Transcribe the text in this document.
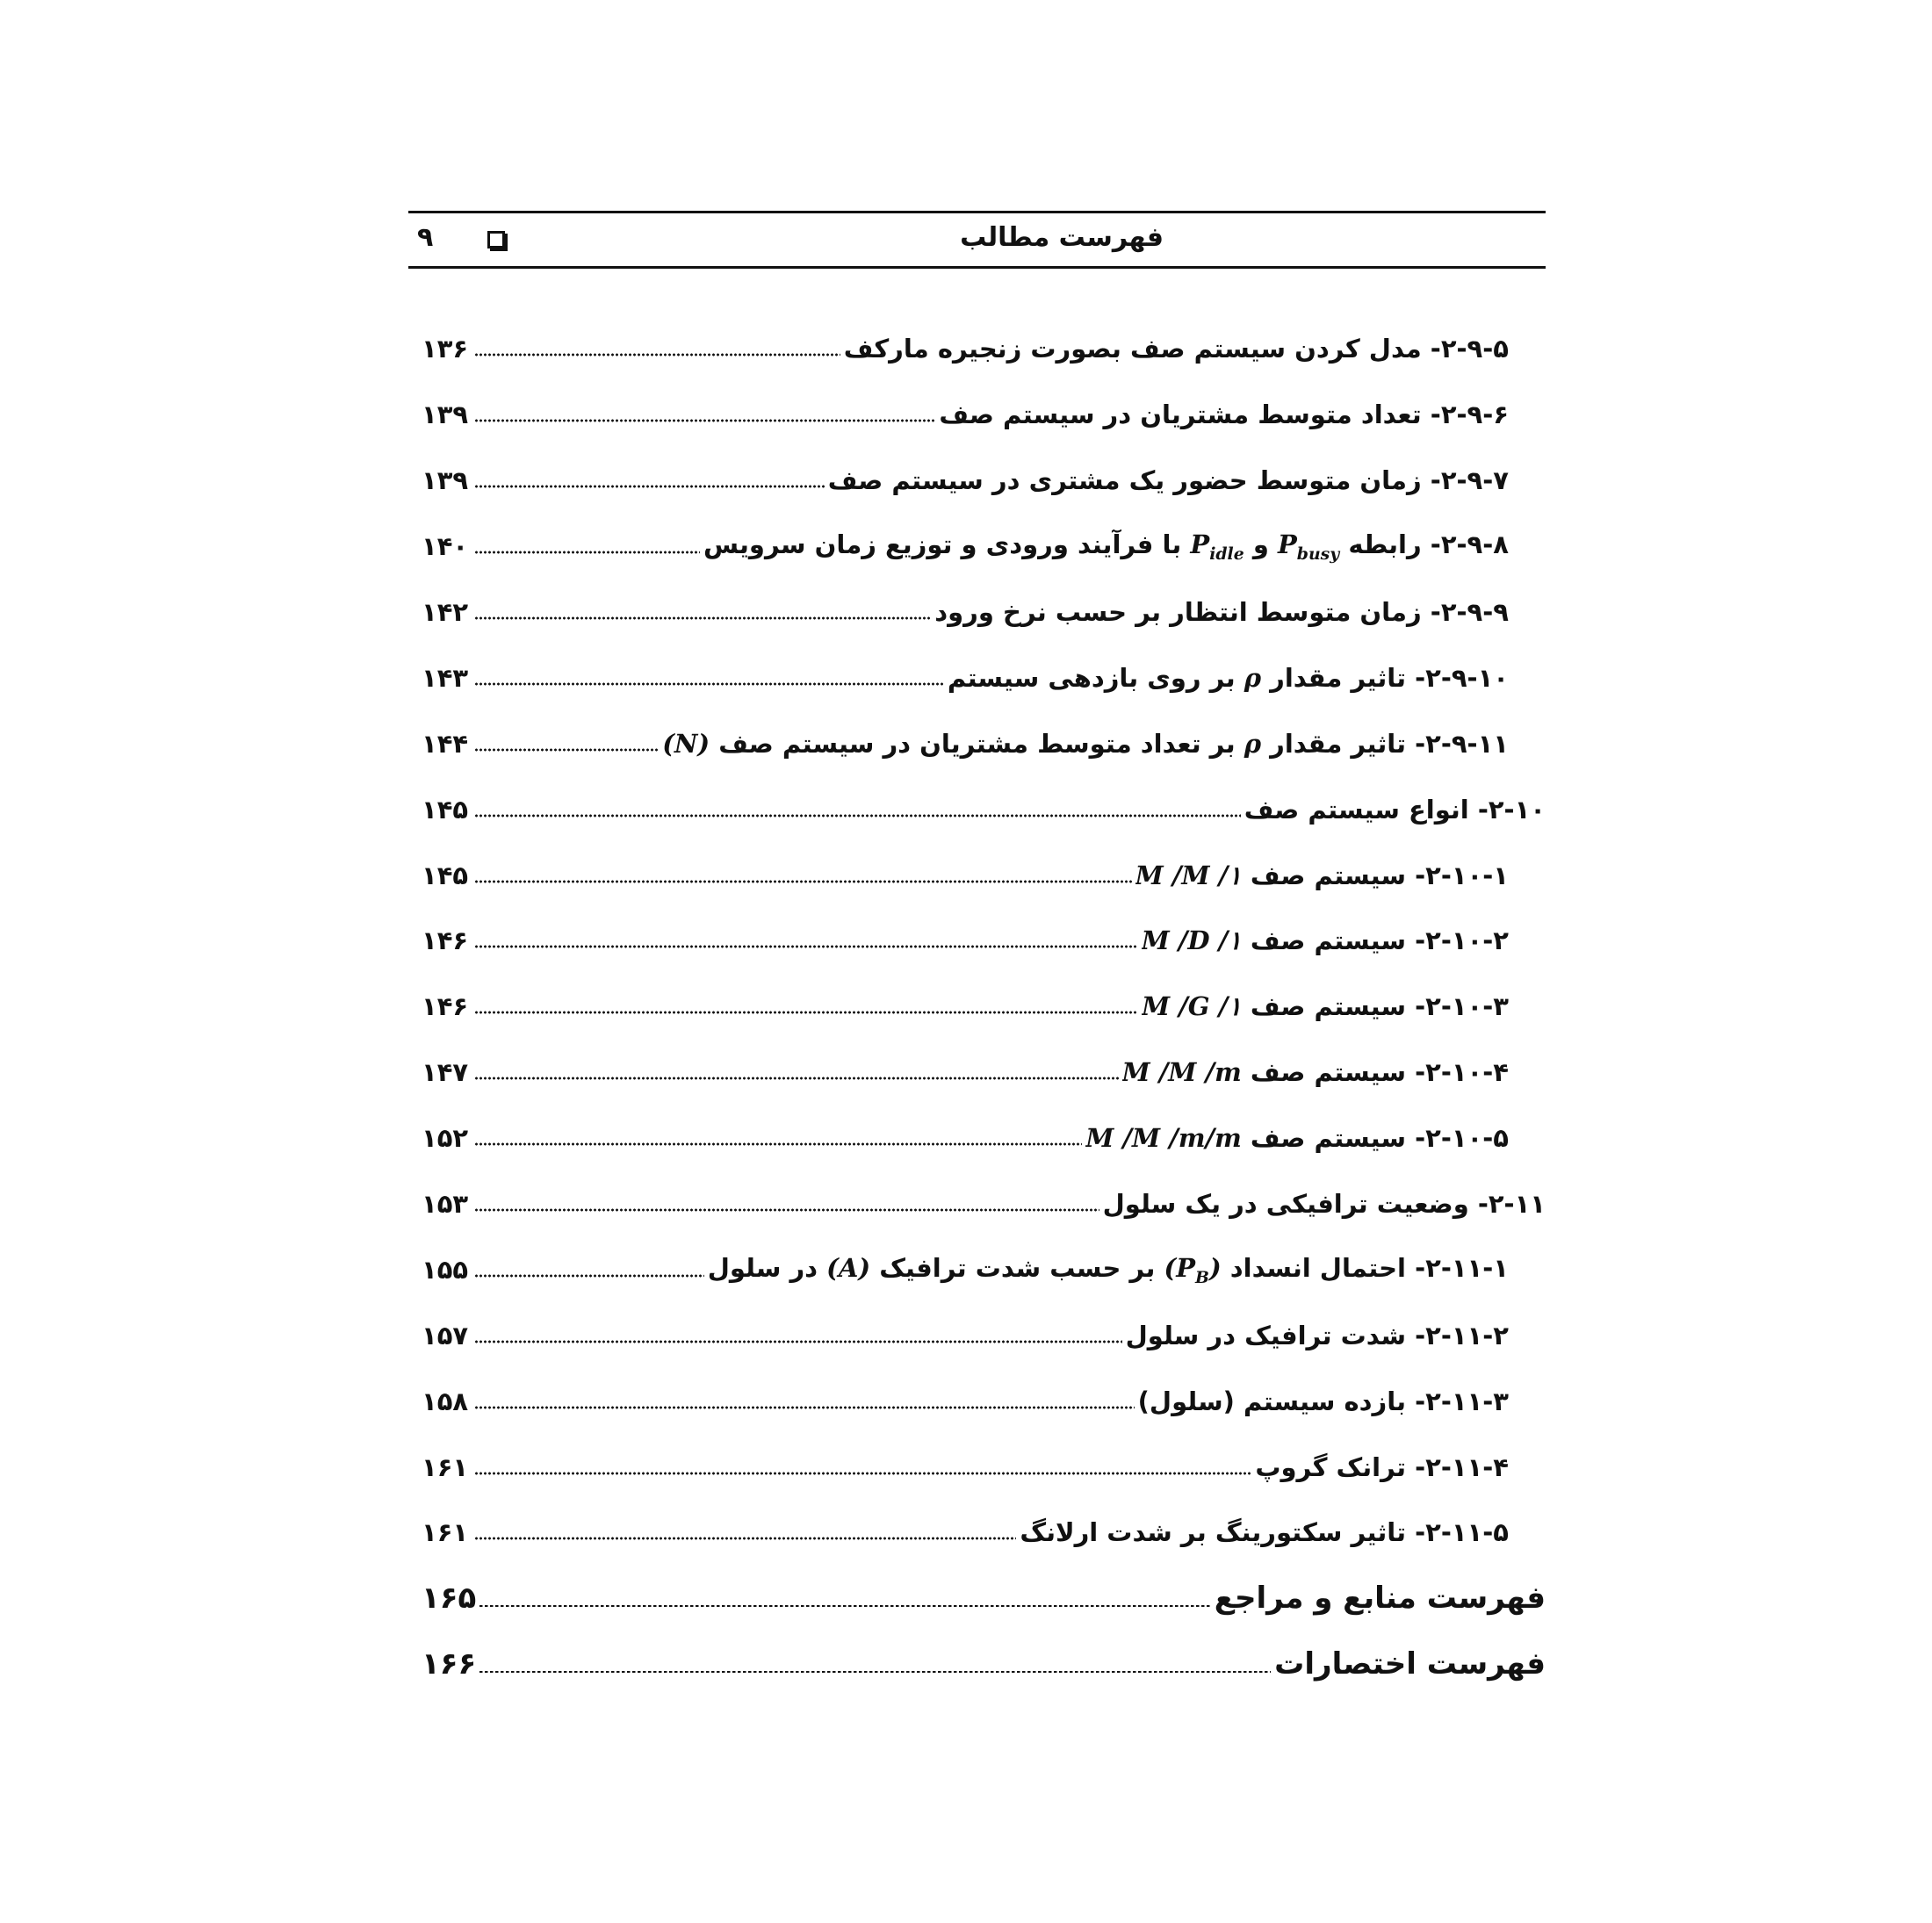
فهرست مطالب
۹
۲-۹-۵- مدل کردن سیستم صف بصورت زنجیره مارکف
۱۳۶
۲-۹-۶- تعداد متوسط مشتریان در سیستم صف
۱۳۹
۲-۹-۷- زمان متوسط حضور یک مشتری در سیستم صف
۱۳۹
۲-۹-۸- رابطه $P_{busy}$ و $P_{idle}$ با فرآیند ورودی و توزیع زمان سرویس
۱۴۰
۲-۹-۹- زمان متوسط انتظار بر حسب نرخ ورود
۱۴۲
۲-۹-۱۰- تاثیر مقدار ρ بر روی بازدهی سیستم
۱۴۳
۲-۹-۱۱- تاثیر مقدار ρ بر تعداد متوسط مشتریان در سیستم صف (N)
۱۴۴
۲-۱۰- انواع سیستم صف
۱۴۵
۲-۱۰-۱- سیستم صف M /M /۱
۱۴۵
۲-۱۰-۲- سیستم صف M /D /۱
۱۴۶
۲-۱۰-۳- سیستم صف M /G /۱
۱۴۶
۲-۱۰-۴- سیستم صف M /M /m
۱۴۷
۲-۱۰-۵- سیستم صف M /M /m/m
۱۵۲
۲-۱۱- وضعیت ترافیکی در یک سلول
۱۵۳
۲-۱۱-۱- احتمال انسداد $(P_B)$ بر حسب شدت ترافیک (A) در سلول
۱۵۵
۲-۱۱-۲- شدت ترافیک در سلول
۱۵۷
۲-۱۱-۳- بازده سیستم (سلول)
۱۵۸
۲-۱۱-۴- ترانک گروپ
۱۶۱
۲-۱۱-۵- تاثیر سکتورینگ بر شدت ارلانگ
۱۶۱
فهرست منابع و مراجع
۱۶۵
فهرست اختصارات
۱۶۶
